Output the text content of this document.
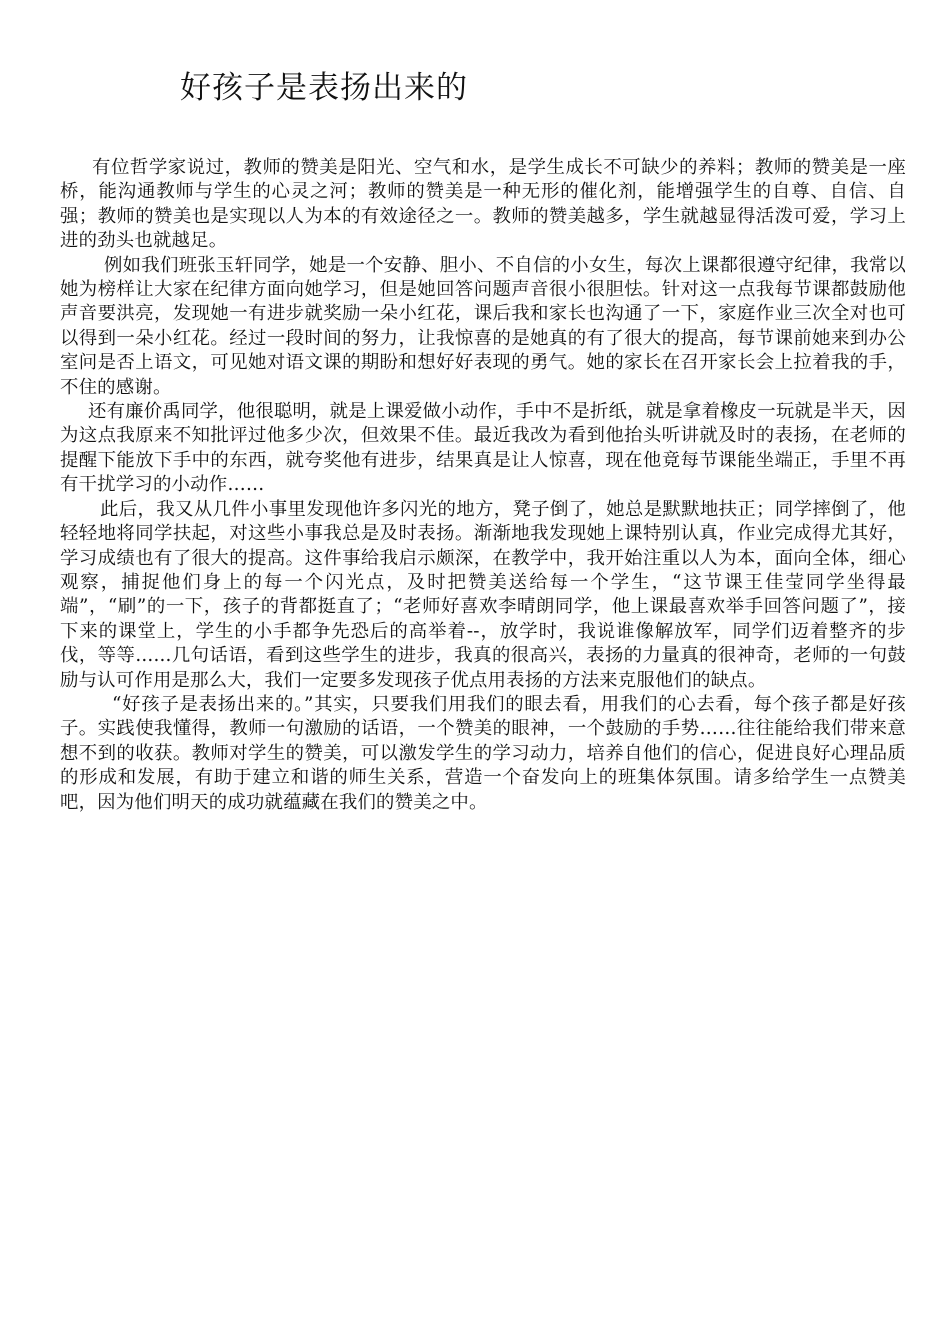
好孩子是表扬出来的

有位哲学家说过，教师的赞美是阳光、空气和水，是学生成长不可缺少的养料；教师的赞美是一座桥，能沟通教师与学生的心灵之河；教师的赞美是一种无形的催化剂，能增强学生的自尊、自信、自强；教师的赞美也是实现以人为本的有效途径之一。教师的赞美越多，学生就越显得活泼可爱，学习上进的劲头也就越足。

例如我们班张玉轩同学，她是一个安静、胆小、不自信的小女生，每次上课都很遵守纪律，我常以她为榜样让大家在纪律方面向她学习，但是她回答问题声音很小很胆怯。针对这一点我每节课都鼓励他声音要洪亮，发现她一有进步就奖励一朵小红花，课后我和家长也沟通了一下，家庭作业三次全对也可以得到一朵小红花。经过一段时间的努力，让我惊喜的是她真的有了很大的提高，每节课前她来到办公室问是否上语文，可见她对语文课的期盼和想好好表现的勇气。她的家长在召开家长会上拉着我的手，不住的感谢。

还有廉价禹同学，他很聪明，就是上课爱做小动作，手中不是折纸，就是拿着橡皮一玩就是半天，因为这点我原来不知批评过他多少次，但效果不佳。最近我改为看到他抬头听讲就及时的表扬，在老师的提醒下能放下手中的东西，就夸奖他有进步，结果真是让人惊喜，现在他竟每节课能坐端正，手里不再有干扰学习的小动作……

此后，我又从几件小事里发现他许多闪光的地方，凳子倒了，她总是默默地扶正；同学摔倒了，他轻轻地将同学扶起，对这些小事我总是及时表扬。渐渐地我发现她上课特别认真，作业完成得尤其好，学习成绩也有了很大的提高。这件事给我启示颇深，在教学中，我开始注重以人为本，面向全体，细心观察，捕捉他们身上的每一个闪光点，及时把赞美送给每一个学生，“这节课王佳莹同学坐得最端”，“刷”的一下，孩子的背都挺直了；“老师好喜欢李晴朗同学，他上课最喜欢举手回答问题了”，接下来的课堂上，学生的小手都争先恐后的高举着--，放学时，我说谁像解放军，同学们迈着整齐的步伐，等等......几句话语，看到这些学生的进步，我真的很高兴，表扬的力量真的很神奇，老师的一句鼓励与认可作用是那么大，我们一定要多发现孩子优点用表扬的方法来克服他们的缺点。

“好孩子是表扬出来的。”其实，只要我们用我们的眼去看，用我们的心去看，每个孩子都是好孩子。实践使我懂得，教师一句激励的话语，一个赞美的眼神，一个鼓励的手势……往往能给我们带来意想不到的收获。教师对学生的赞美，可以激发学生的学习动力，培养自他们的信心，促进良好心理品质的形成和发展，有助于建立和谐的师生关系，营造一个奋发向上的班集体氛围。请多给学生一点赞美吧，因为他们明天的成功就蕴藏在我们的赞美之中。
